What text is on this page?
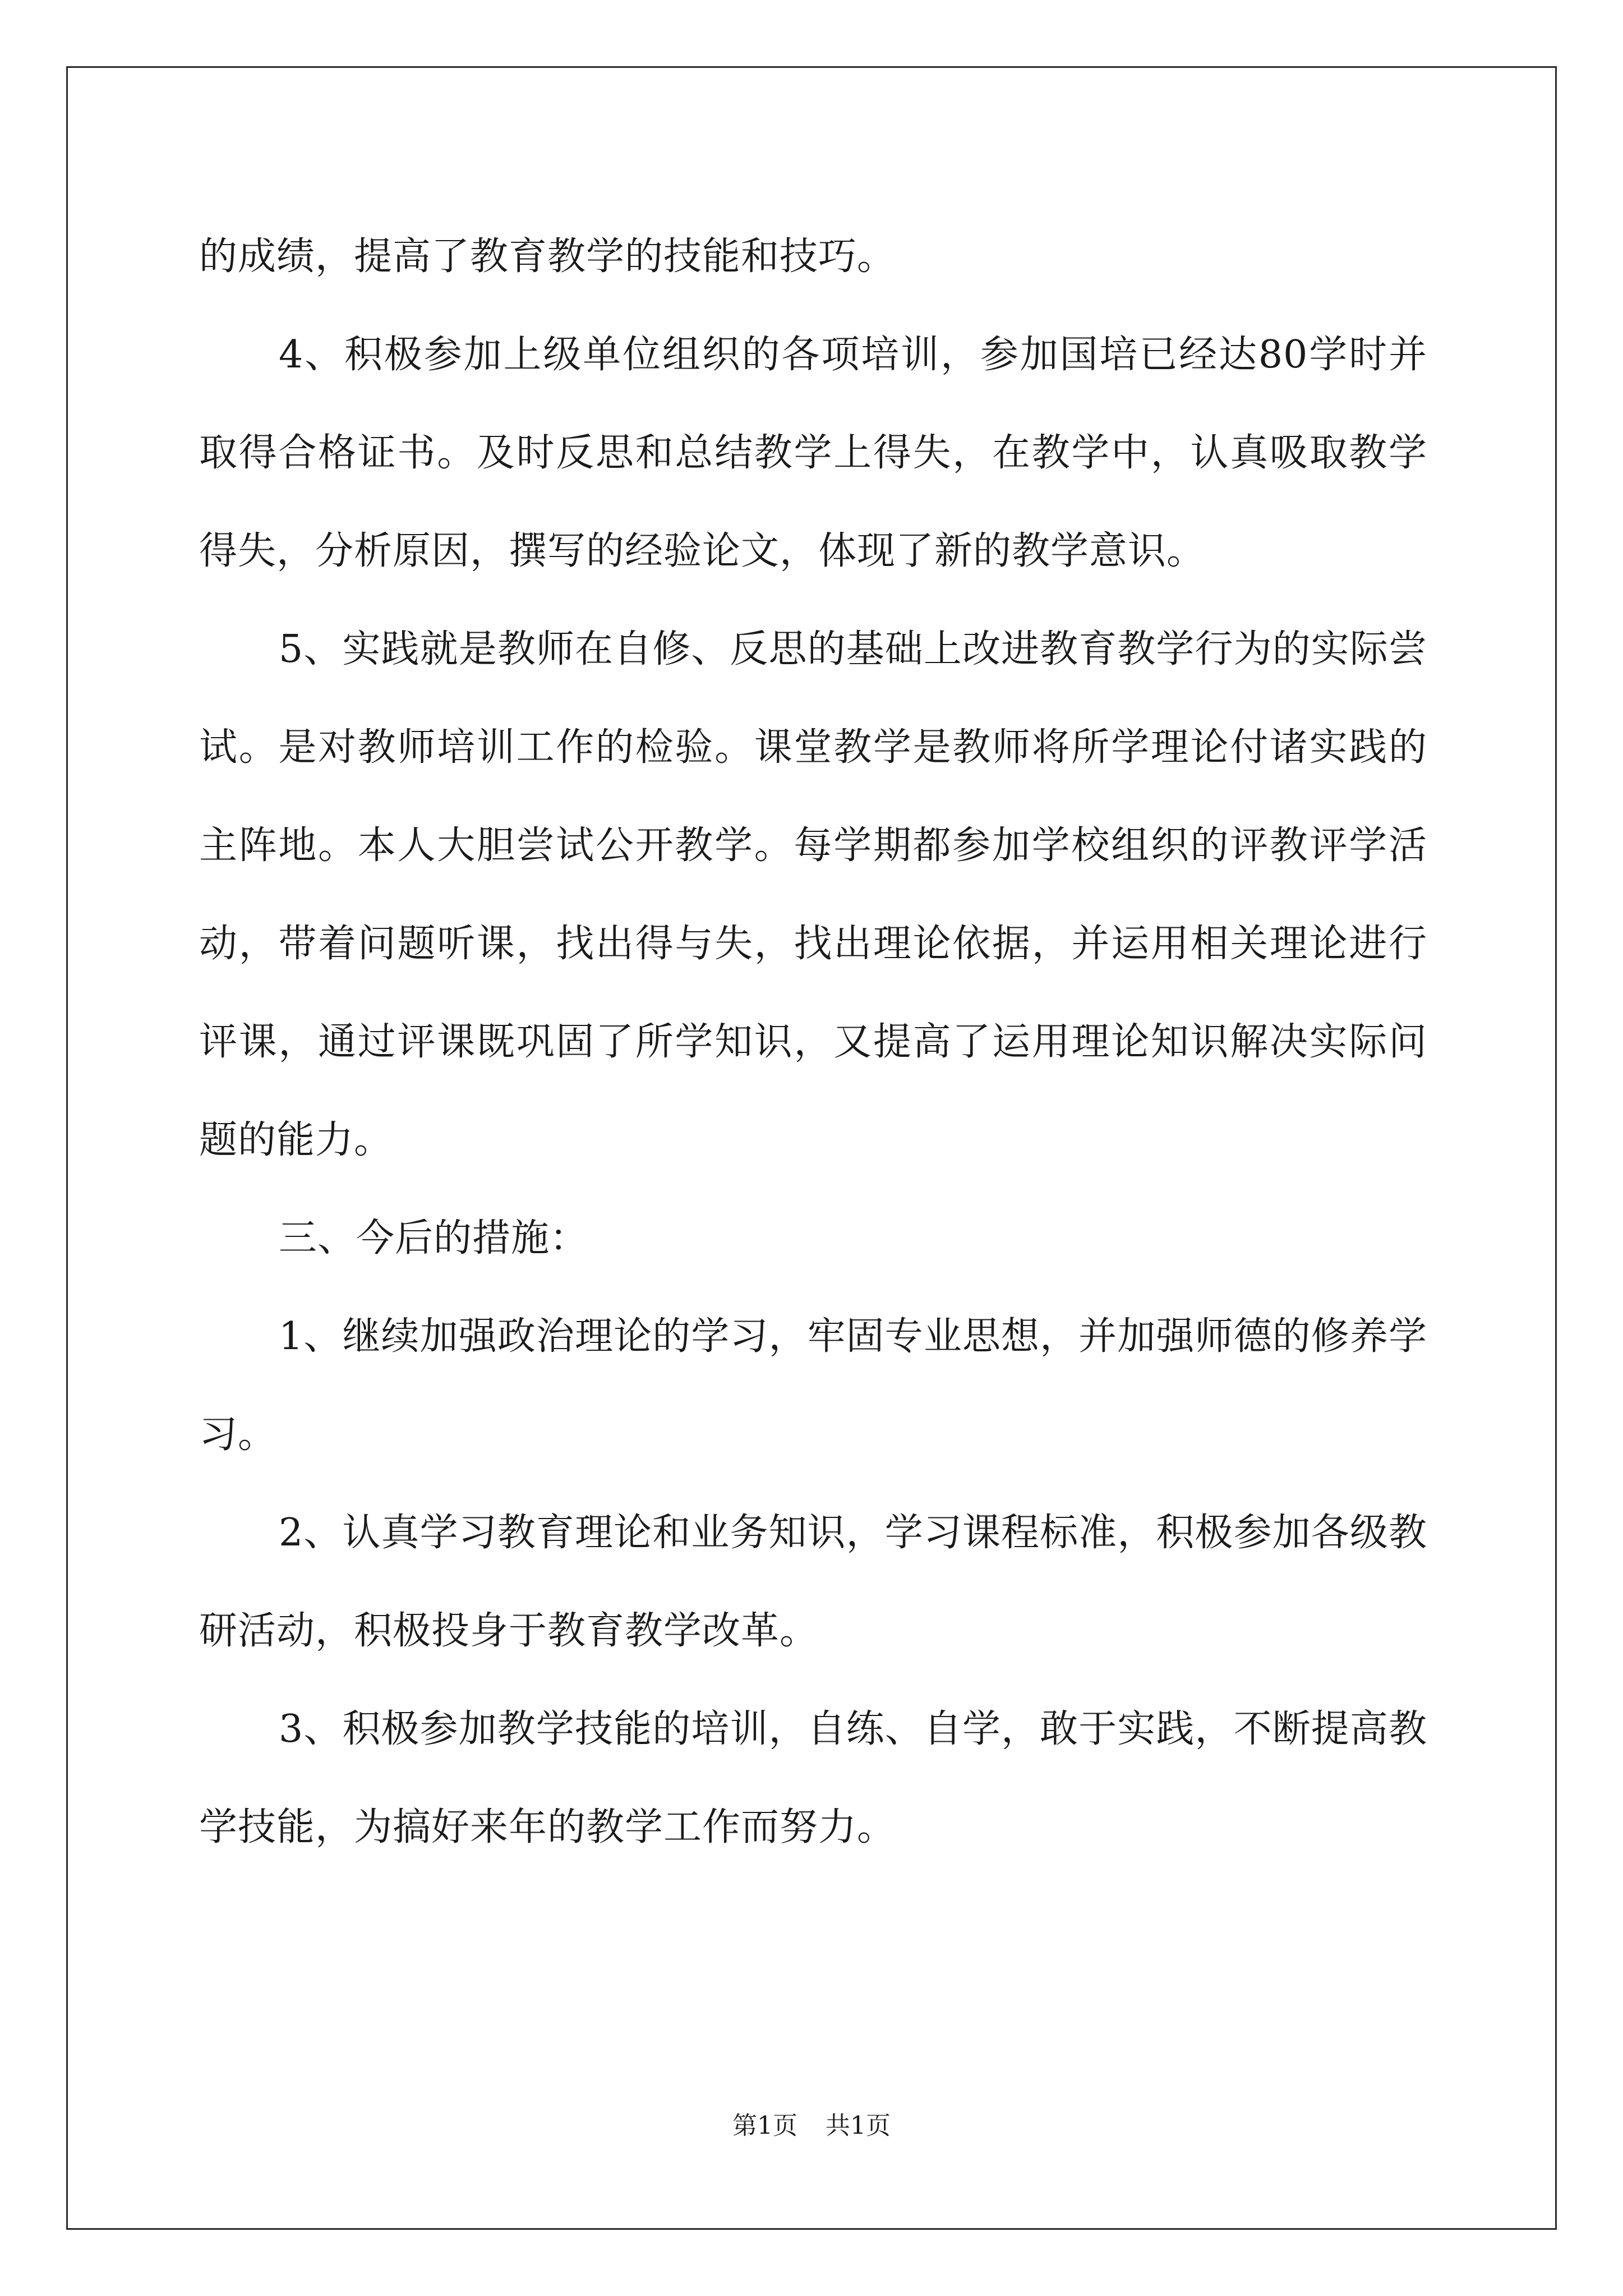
的成绩，提高了教育教学的技能和技巧。

4、积极参加上级单位组织的各项培训，参加国培已经达80学时并取得合格证书。及时反思和总结教学上得失，在教学中，认真吸取教学得失，分析原因，撰写的经验论文，体现了新的教学意识。

5、实践就是教师在自修、反思的基础上改进教育教学行为的实际尝试。是对教师培训工作的检验。课堂教学是教师将所学理论付诸实践的主阵地。本人大胆尝试公开教学。每学期都参加学校组织的评教评学活动，带着问题听课，找出得与失，找出理论依据，并运用相关理论进行评课，通过评课既巩固了所学知识，又提高了运用理论知识解决实际问题的能力。

三、今后的措施：

1、继续加强政治理论的学习，牢固专业思想，并加强师德的修养学习。

2、认真学习教育理论和业务知识，学习课程标准，积极参加各级教研活动，积极投身于教育教学改革。

3、积极参加教学技能的培训，自练、自学，敢于实践，不断提高教学技能，为搞好来年的教学工作而努力。

第1页 共1页
